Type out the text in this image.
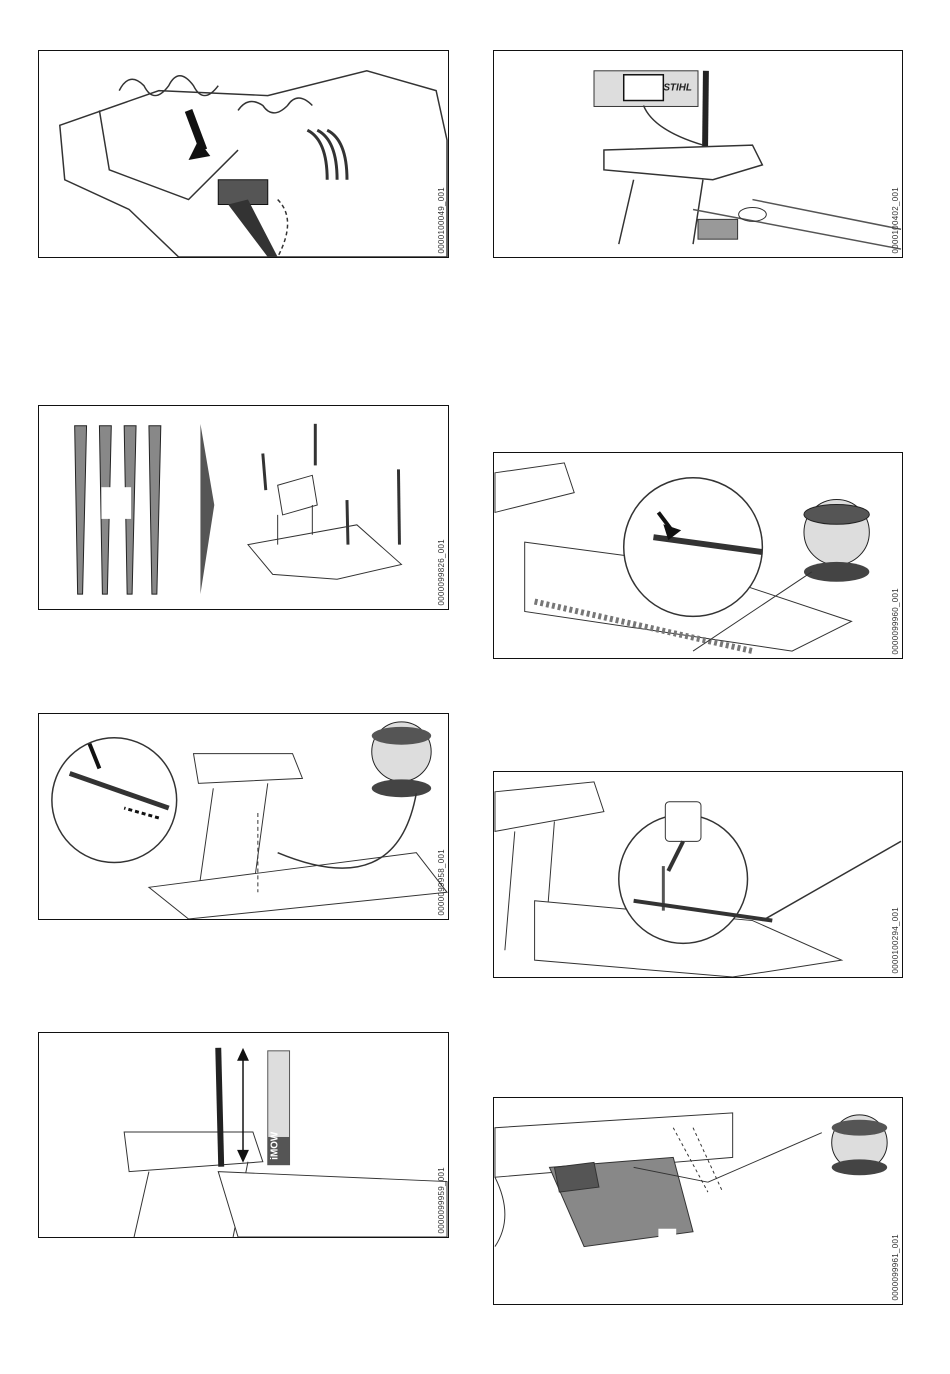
0000100049_001
STIHL
0000100402_001
0000099826_001
0000099960_001
0000099958_001
0000100294_001
iMOW
0000099959_001
0000099961_001
